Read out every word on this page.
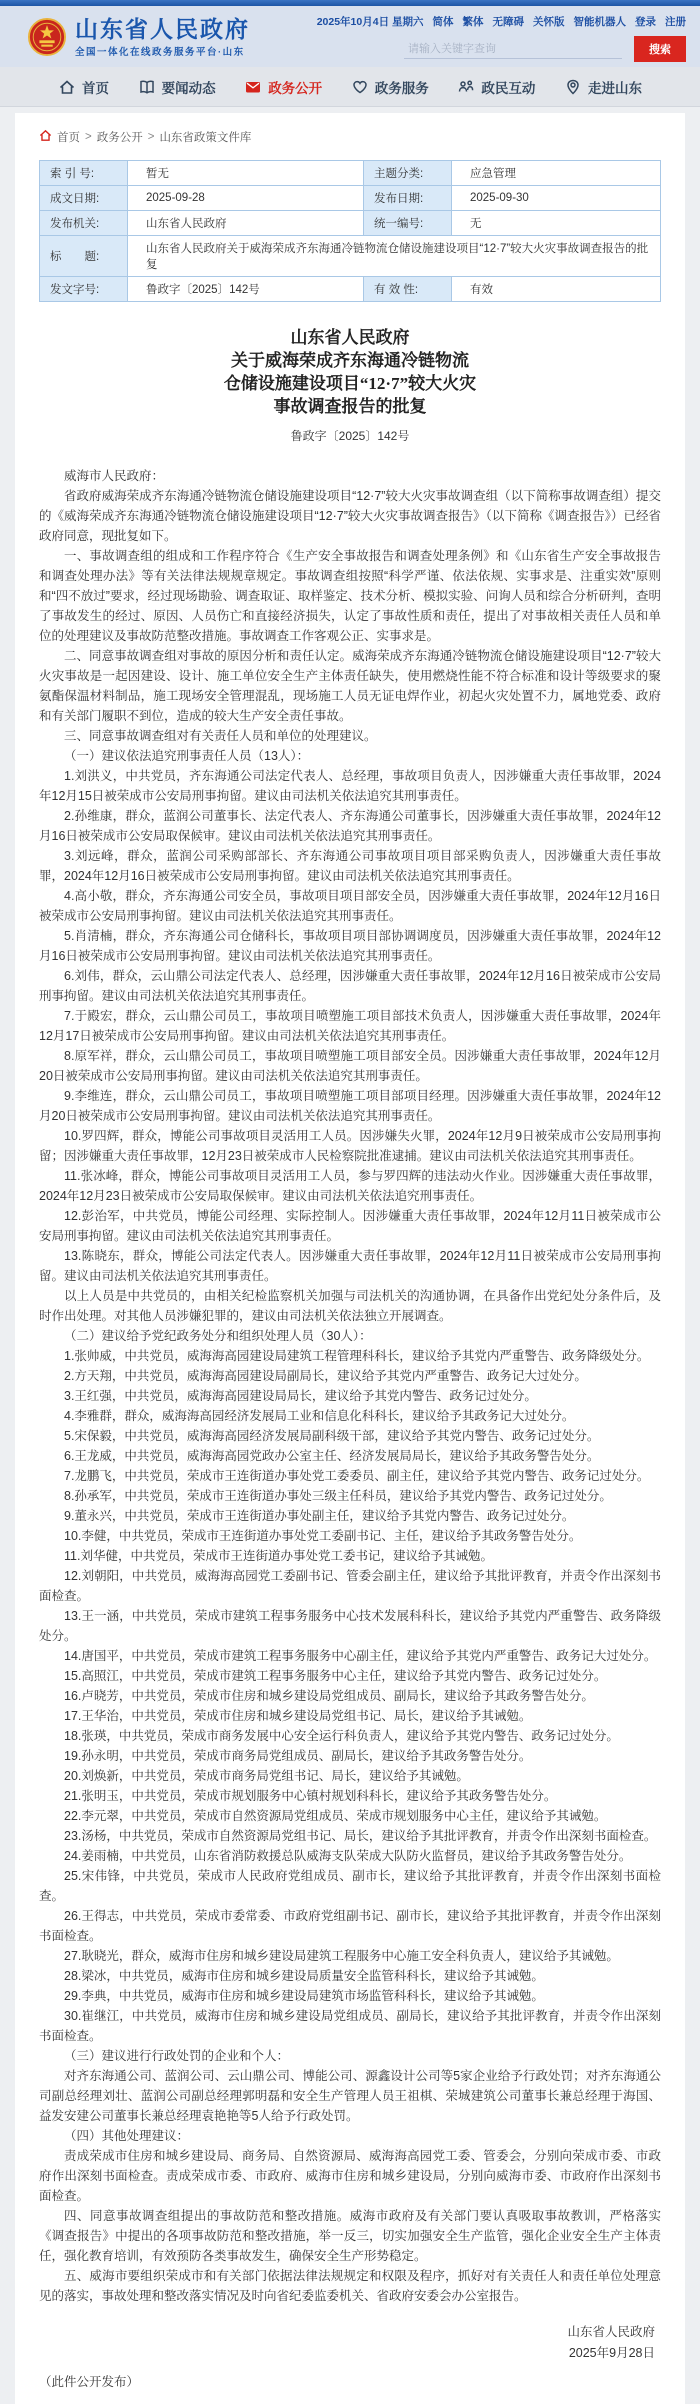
山东省人民政府
全国一体化在线政务服务平台·山东
2025年10月4日 星期六 简体 繁体 无障碍 关怀版 智能机器人 登录 注册
请输入关键字查询
搜索
首页	要闻动态	政务公开	政务服务	政民互动	走进山东
首页 > 政务公开 > 山东省政策文件库
索 引 号:	暂无	主题分类:	应急管理
成文日期:	2025-09-28	发布日期:	2025-09-30
发布机关:	山东省人民政府	统一编号:	无
标　　题:	山东省人民政府关于威海荣成齐东海通冷链物流仓储设施建设项目“12·7”较大火灾事故调查报告的批复		
发文字号:	鲁政字〔2025〕142号	有 效 性:	有效
山东省人民政府
关于威海荣成齐东海通冷链物流
仓储设施建设项目“12·7”较大火灾
事故调查报告的批复
鲁政字〔2025〕142号

威海市人民政府：

省政府威海荣成齐东海通冷链物流仓储设施建设项目“12·7”较大火灾事故调查组（以下简称事故调查组）提交的《威海荣成齐东海通冷链物流仓储设施建设项目“12·7”较大火灾事故调查报告》（以下简称《调查报告》）已经省政府同意，现批复如下。

一、事故调查组的组成和工作程序符合《生产安全事故报告和调查处理条例》和《山东省生产安全事故报告和调查处理办法》等有关法律法规规章规定。事故调查组按照“科学严谨、依法依规、实事求是、注重实效”原则和“四不放过”要求，经过现场勘验、调查取证、取样鉴定、技术分析、模拟实验、问询人员和综合分析研判，查明了事故发生的经过、原因、人员伤亡和直接经济损失，认定了事故性质和责任，提出了对事故相关责任人员和单位的处理建议及事故防范整改措施。事故调查工作客观公正、实事求是。

二、同意事故调查组对事故的原因分析和责任认定。威海荣成齐东海通冷链物流仓储设施建设项目“12·7”较大火灾事故是一起因建设、设计、施工单位安全生产主体责任缺失，使用燃烧性能不符合标准和设计等级要求的聚氨酯保温材料制品，施工现场安全管理混乱，现场施工人员无证电焊作业，初起火灾处置不力，属地党委、政府和有关部门履职不到位，造成的较大生产安全责任事故。

三、同意事故调查组对有关责任人员和单位的处理建议。

（一）建议依法追究刑事责任人员（13人）：

1.刘洪义，中共党员，齐东海通公司法定代表人、总经理，事故项目负责人，因涉嫌重大责任事故罪，2024年12月15日被荣成市公安局刑事拘留。建议由司法机关依法追究其刑事责任。

2.孙维康，群众，蓝润公司董事长、法定代表人、齐东海通公司董事长，因涉嫌重大责任事故罪，2024年12月16日被荣成市公安局取保候审。建议由司法机关依法追究其刑事责任。

3.刘远峰，群众，蓝润公司采购部部长、齐东海通公司事故项目项目部采购负责人，因涉嫌重大责任事故罪，2024年12月16日被荣成市公安局刑事拘留。建议由司法机关依法追究其刑事责任。

4.高小敬，群众，齐东海通公司安全员，事故项目项目部安全员，因涉嫌重大责任事故罪，2024年12月16日被荣成市公安局刑事拘留。建议由司法机关依法追究其刑事责任。

5.肖清楠，群众，齐东海通公司仓储科长，事故项目项目部协调调度员，因涉嫌重大责任事故罪，2024年12月16日被荣成市公安局刑事拘留。建议由司法机关依法追究其刑事责任。

6.刘伟，群众，云山鼎公司法定代表人、总经理，因涉嫌重大责任事故罪，2024年12月16日被荣成市公安局刑事拘留。建议由司法机关依法追究其刑事责任。

7.于殿宏，群众，云山鼎公司员工，事故项目喷塑施工项目部技术负责人，因涉嫌重大责任事故罪，2024年12月17日被荣成市公安局刑事拘留。建议由司法机关依法追究其刑事责任。

8.原军祥，群众，云山鼎公司员工，事故项目喷塑施工项目部安全员。因涉嫌重大责任事故罪，2024年12月20日被荣成市公安局刑事拘留。建议由司法机关依法追究其刑事责任。

9.李维连，群众，云山鼎公司员工，事故项目喷塑施工项目部项目经理。因涉嫌重大责任事故罪，2024年12月20日被荣成市公安局刑事拘留。建议由司法机关依法追究其刑事责任。

10.罗四辉，群众，博能公司事故项目灵活用工人员。因涉嫌失火罪，2024年12月9日被荣成市公安局刑事拘留；因涉嫌重大责任事故罪，12月23日被荣成市人民检察院批准逮捕。建议由司法机关依法追究其刑事责任。

11.张冰峰，群众，博能公司事故项目灵活用工人员，参与罗四辉的违法动火作业。因涉嫌重大责任事故罪，2024年12月23日被荣成市公安局取保候审。建议由司法机关依法追究刑事责任。

12.彭治军，中共党员，博能公司经理、实际控制人。因涉嫌重大责任事故罪，2024年12月11日被荣成市公安局刑事拘留。建议由司法机关依法追究其刑事责任。

13.陈晓东，群众，博能公司法定代表人。因涉嫌重大责任事故罪，2024年12月11日被荣成市公安局刑事拘留。建议由司法机关依法追究其刑事责任。

以上人员是中共党员的，由相关纪检监察机关加强与司法机关的沟通协调，在具备作出党纪处分条件后，及时作出处理。对其他人员涉嫌犯罪的，建议由司法机关依法独立开展调查。

（二）建议给予党纪政务处分和组织处理人员（30人）：

1.张帅威，中共党员，威海海高园建设局建筑工程管理科科长，建议给予其党内严重警告、政务降级处分。

2.方天翔，中共党员，威海海高园建设局副局长，建议给予其党内严重警告、政务记大过处分。

3.王红强，中共党员，威海海高园建设局局长，建议给予其党内警告、政务记过处分。

4.李雅群，群众，威海海高园经济发展局工业和信息化科科长，建议给予其政务记大过处分。

5.宋保毅，中共党员，威海海高园经济发展局副科级干部，建议给予其党内警告、政务记过处分。

6.王龙威，中共党员，威海海高园党政办公室主任、经济发展局局长，建议给予其政务警告处分。

7.龙鹏飞，中共党员，荣成市王连街道办事处党工委委员、副主任，建议给予其党内警告、政务记过处分。

8.孙承军，中共党员，荣成市王连街道办事处三级主任科员，建议给予其党内警告、政务记过处分。

9.董永兴，中共党员，荣成市王连街道办事处副主任，建议给予其党内警告、政务记过处分。

10.李健，中共党员，荣成市王连街道办事处党工委副书记、主任，建议给予其政务警告处分。

11.刘华健，中共党员，荣成市王连街道办事处党工委书记，建议给予其诫勉。

12.刘朝阳，中共党员，威海海高园党工委副书记、管委会副主任，建议给予其批评教育，并责令作出深刻书面检查。

13.王一涵，中共党员，荣成市建筑工程事务服务中心技术发展科科长，建议给予其党内严重警告、政务降级处分。

14.唐国平，中共党员，荣成市建筑工程事务服务中心副主任，建议给予其党内严重警告、政务记大过处分。

15.高照江，中共党员，荣成市建筑工程事务服务中心主任，建议给予其党内警告、政务记过处分。

16.卢晓芳，中共党员，荣成市住房和城乡建设局党组成员、副局长，建议给予其政务警告处分。

17.王华治，中共党员，荣成市住房和城乡建设局党组书记、局长，建议给予其诫勉。

18.张瑛，中共党员，荣成市商务发展中心安全运行科负责人，建议给予其党内警告、政务记过处分。

19.孙永明，中共党员，荣成市商务局党组成员、副局长，建议给予其政务警告处分。

20.刘焕新，中共党员，荣成市商务局党组书记、局长，建议给予其诫勉。

21.张明玉，中共党员，荣成市规划服务中心镇村规划科科长，建议给予其政务警告处分。

22.李元翠，中共党员，荣成市自然资源局党组成员、荣成市规划服务中心主任，建议给予其诫勉。

23.汤杨，中共党员，荣成市自然资源局党组书记、局长，建议给予其批评教育，并责令作出深刻书面检查。

24.姜雨楠，中共党员，山东省消防救援总队威海支队荣成大队防火监督员，建议给予其政务警告处分。

25.宋伟锋，中共党员，荣成市人民政府党组成员、副市长，建议给予其批评教育，并责令作出深刻书面检查。

26.王得志，中共党员，荣成市委常委、市政府党组副书记、副市长，建议给予其批评教育，并责令作出深刻书面检查。

27.耿晓光，群众，威海市住房和城乡建设局建筑工程服务中心施工安全科负责人，建议给予其诫勉。

28.梁冰，中共党员，威海市住房和城乡建设局质量安全监管科科长，建议给予其诫勉。

29.李典，中共党员，威海市住房和城乡建设局建筑市场监管科科长，建议给予其诫勉。

30.崔继江，中共党员，威海市住房和城乡建设局党组成员、副局长，建议给予其批评教育，并责令作出深刻书面检查。

（三）建议进行行政处罚的企业和个人：

对齐东海通公司、蓝润公司、云山鼎公司、博能公司、源鑫设计公司等5家企业给予行政处罚；对齐东海通公司副总经理刘壮、蓝润公司副总经理郭明磊和安全生产管理人员王祖棋、荣城建筑公司董事长兼总经理于海国、益发安建公司董事长兼总经理袁艳艳等5人给予行政处罚。

（四）其他处理建议：

责成荣成市住房和城乡建设局、商务局、自然资源局、威海海高园党工委、管委会，分别向荣成市委、市政府作出深刻书面检查。责成荣成市委、市政府、威海市住房和城乡建设局，分别向威海市委、市政府作出深刻书面检查。

四、同意事故调查组提出的事故防范和整改措施。威海市政府及有关部门要认真吸取事故教训，严格落实《调查报告》中提出的各项事故防范和整改措施，举一反三，切实加强安全生产监管，强化企业安全生产主体责任，强化教育培训，有效预防各类事故发生，确保安全生产形势稳定。

五、威海市要组织荣成市和有关部门依据法律法规规定和权限及程序，抓好对有关责任人和责任单位处理意见的落实，事故处理和整改落实情况及时向省纪委监委机关、省政府安委会办公室报告。

山东省人民政府
2025年9月28日
（此件公开发布）
